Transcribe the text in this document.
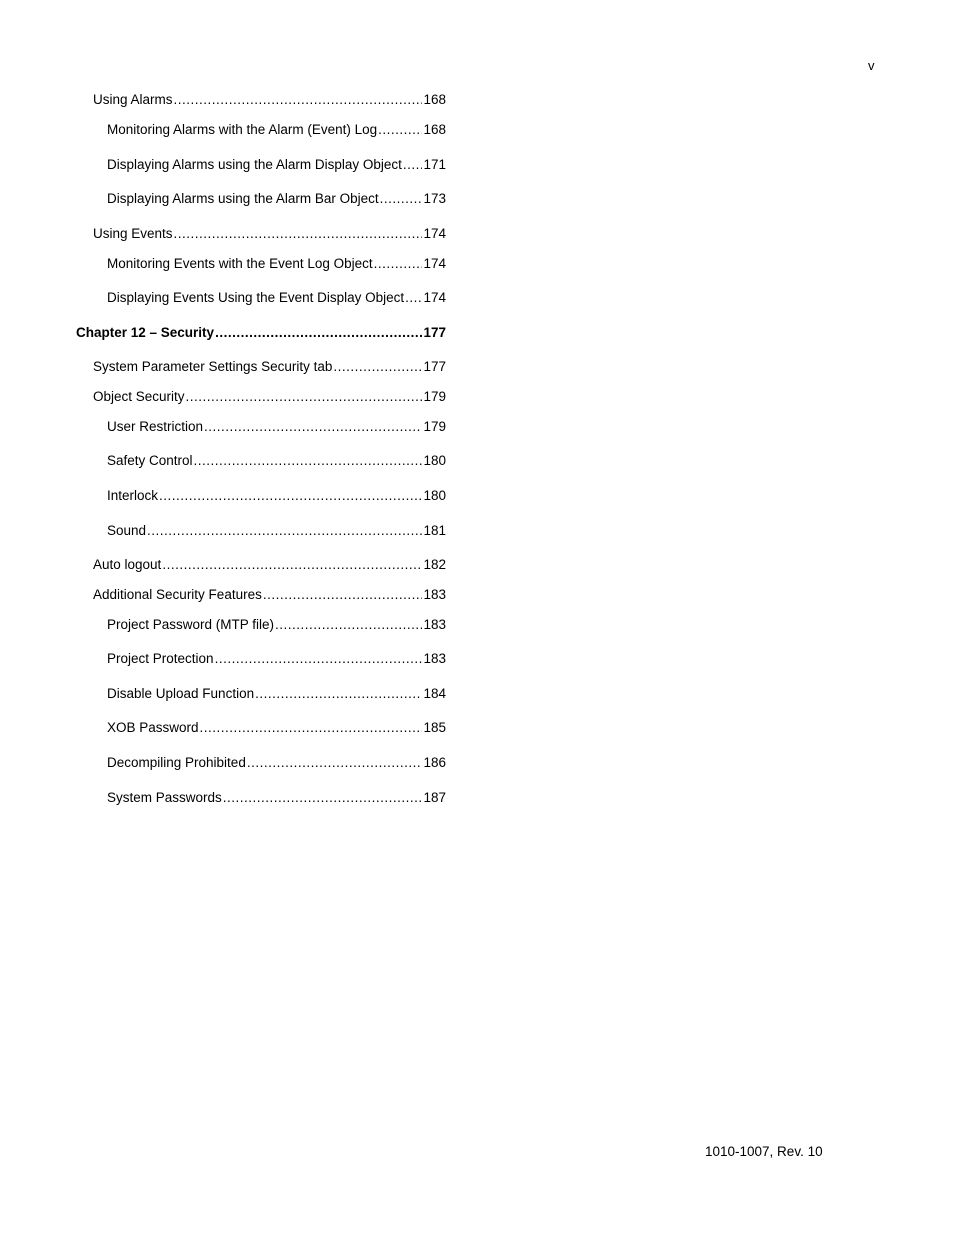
v
Using Alarms .....	168
Monitoring Alarms with the Alarm (Event) Log .....	168
Displaying Alarms using the Alarm Display Object ..... 171
Displaying Alarms using the Alarm Bar Object .....	173
Using Events .....	174
Monitoring Events with the Event Log Object .....	174
Displaying Events Using the Event Display Object ..... 174
Chapter 12 – Security .....	177
System Parameter Settings Security tab .....	177
Object Security .....	179
User Restriction .....	179
Safety Control .....	180
Interlock .....	180
Sound .....	181
Auto logout .....	182
Additional Security Features .....	183
Project Password (MTP file) .....	183
Project Protection .....	183
Disable Upload Function .....	184
XOB Password .....	185
Decompiling Prohibited .....	186
System Passwords .....	187
1010-1007, Rev. 10
